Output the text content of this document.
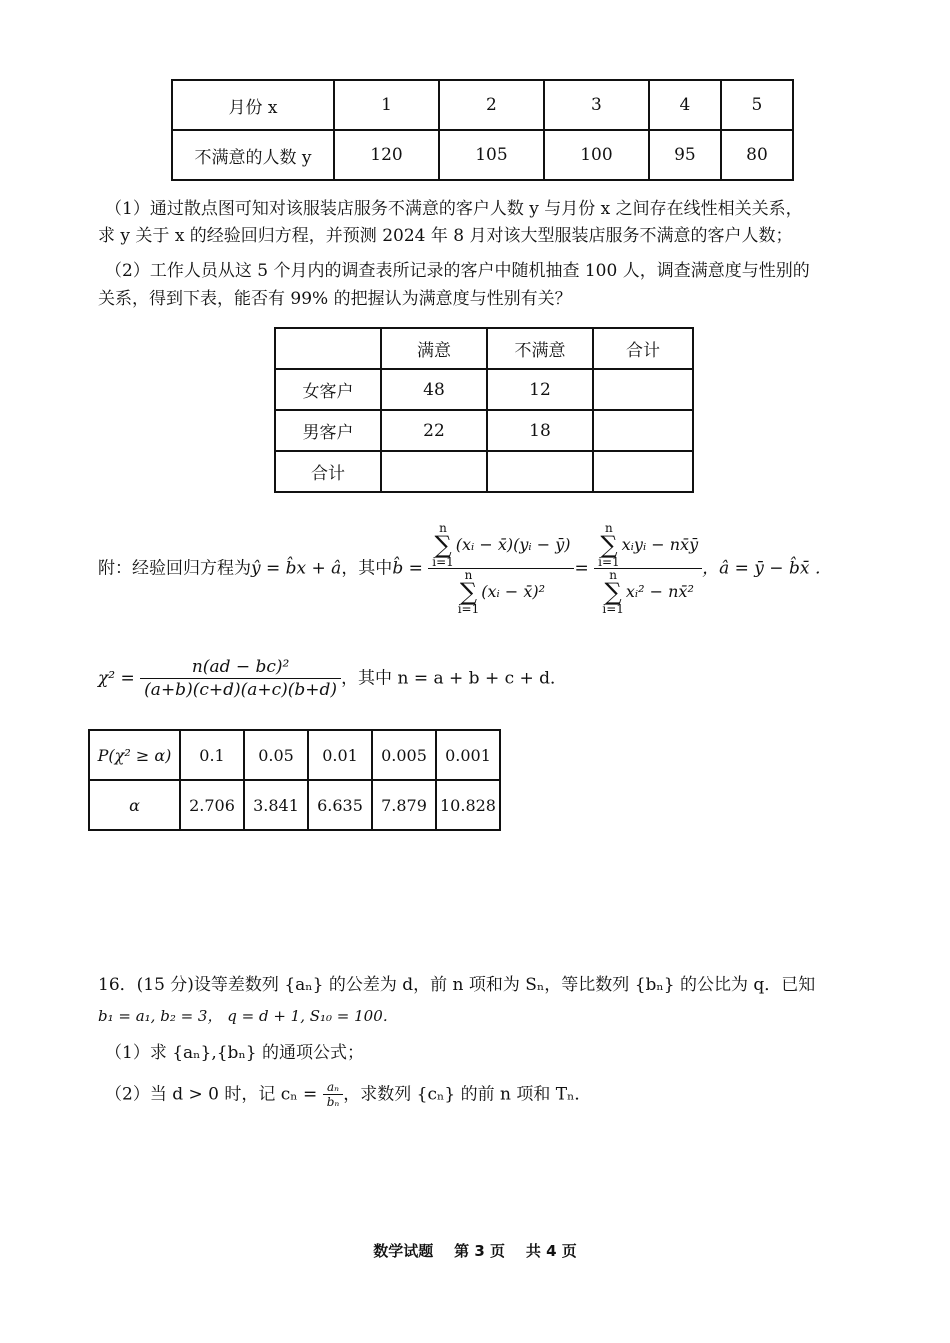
月份 x	1	2	3	4	5
不满意的人数 y	120	105	100	95	80
（1）通过散点图可知对该服装店服务不满意的客户人数 y 与月份 x 之间存在线性相关关系，
求 y 关于 x 的经验回归方程，并预测 2024 年 8 月对该大型服装店服务不满意的客户人数；
（2）工作人员从这 5 个月内的调查表所记录的客户中随机抽查 100 人，调查满意度与性别的
关系，得到下表，能否有 99% 的把握认为满意度与性别有关？
	满意	不满意	合计
女客户	48	12	
男客户	22	18	
合计			
附：经验回归方程为ŷ = b̂x + â，其中b̂ = n
∑
i=1(xᵢ − x̄)(yᵢ − ȳ)
n
∑
i=1(xᵢ − x̄)² = n
∑
i=1xᵢyᵢ − nx̄ȳ
n
∑
i=1xᵢ² − nx̄² ，â = ȳ − b̂x̄ ．
$\chi^2 = \frac{\text{n(ad − bc)²}}{(a+b)(c+d)(a+c)(b+d)}$ ，其中 n = a + b + c + d．
P(χ² ≥ α)	0.1	0.05	0.01	0.005	0.001
α	2.706	3.841	6.635	7.879	10.828
16．(15 分)设等差数列 {aₙ} 的公差为 d，前 n 项和为 Sₙ，等比数列 {bₙ} 的公比为 q．已知
b₁ = a₁, b₂ = 3， q = d + 1, S₁₀ = 100．
（1）求 {aₙ},{bₙ} 的通项公式；
（2）当 d > 0 时，记 $c_n = \frac{\text{aₙ}}{\text{bₙ}}$ ，求数列 {cₙ} 的前 n 项和 Tₙ．
数学试题 第 3 页 共 4 页
